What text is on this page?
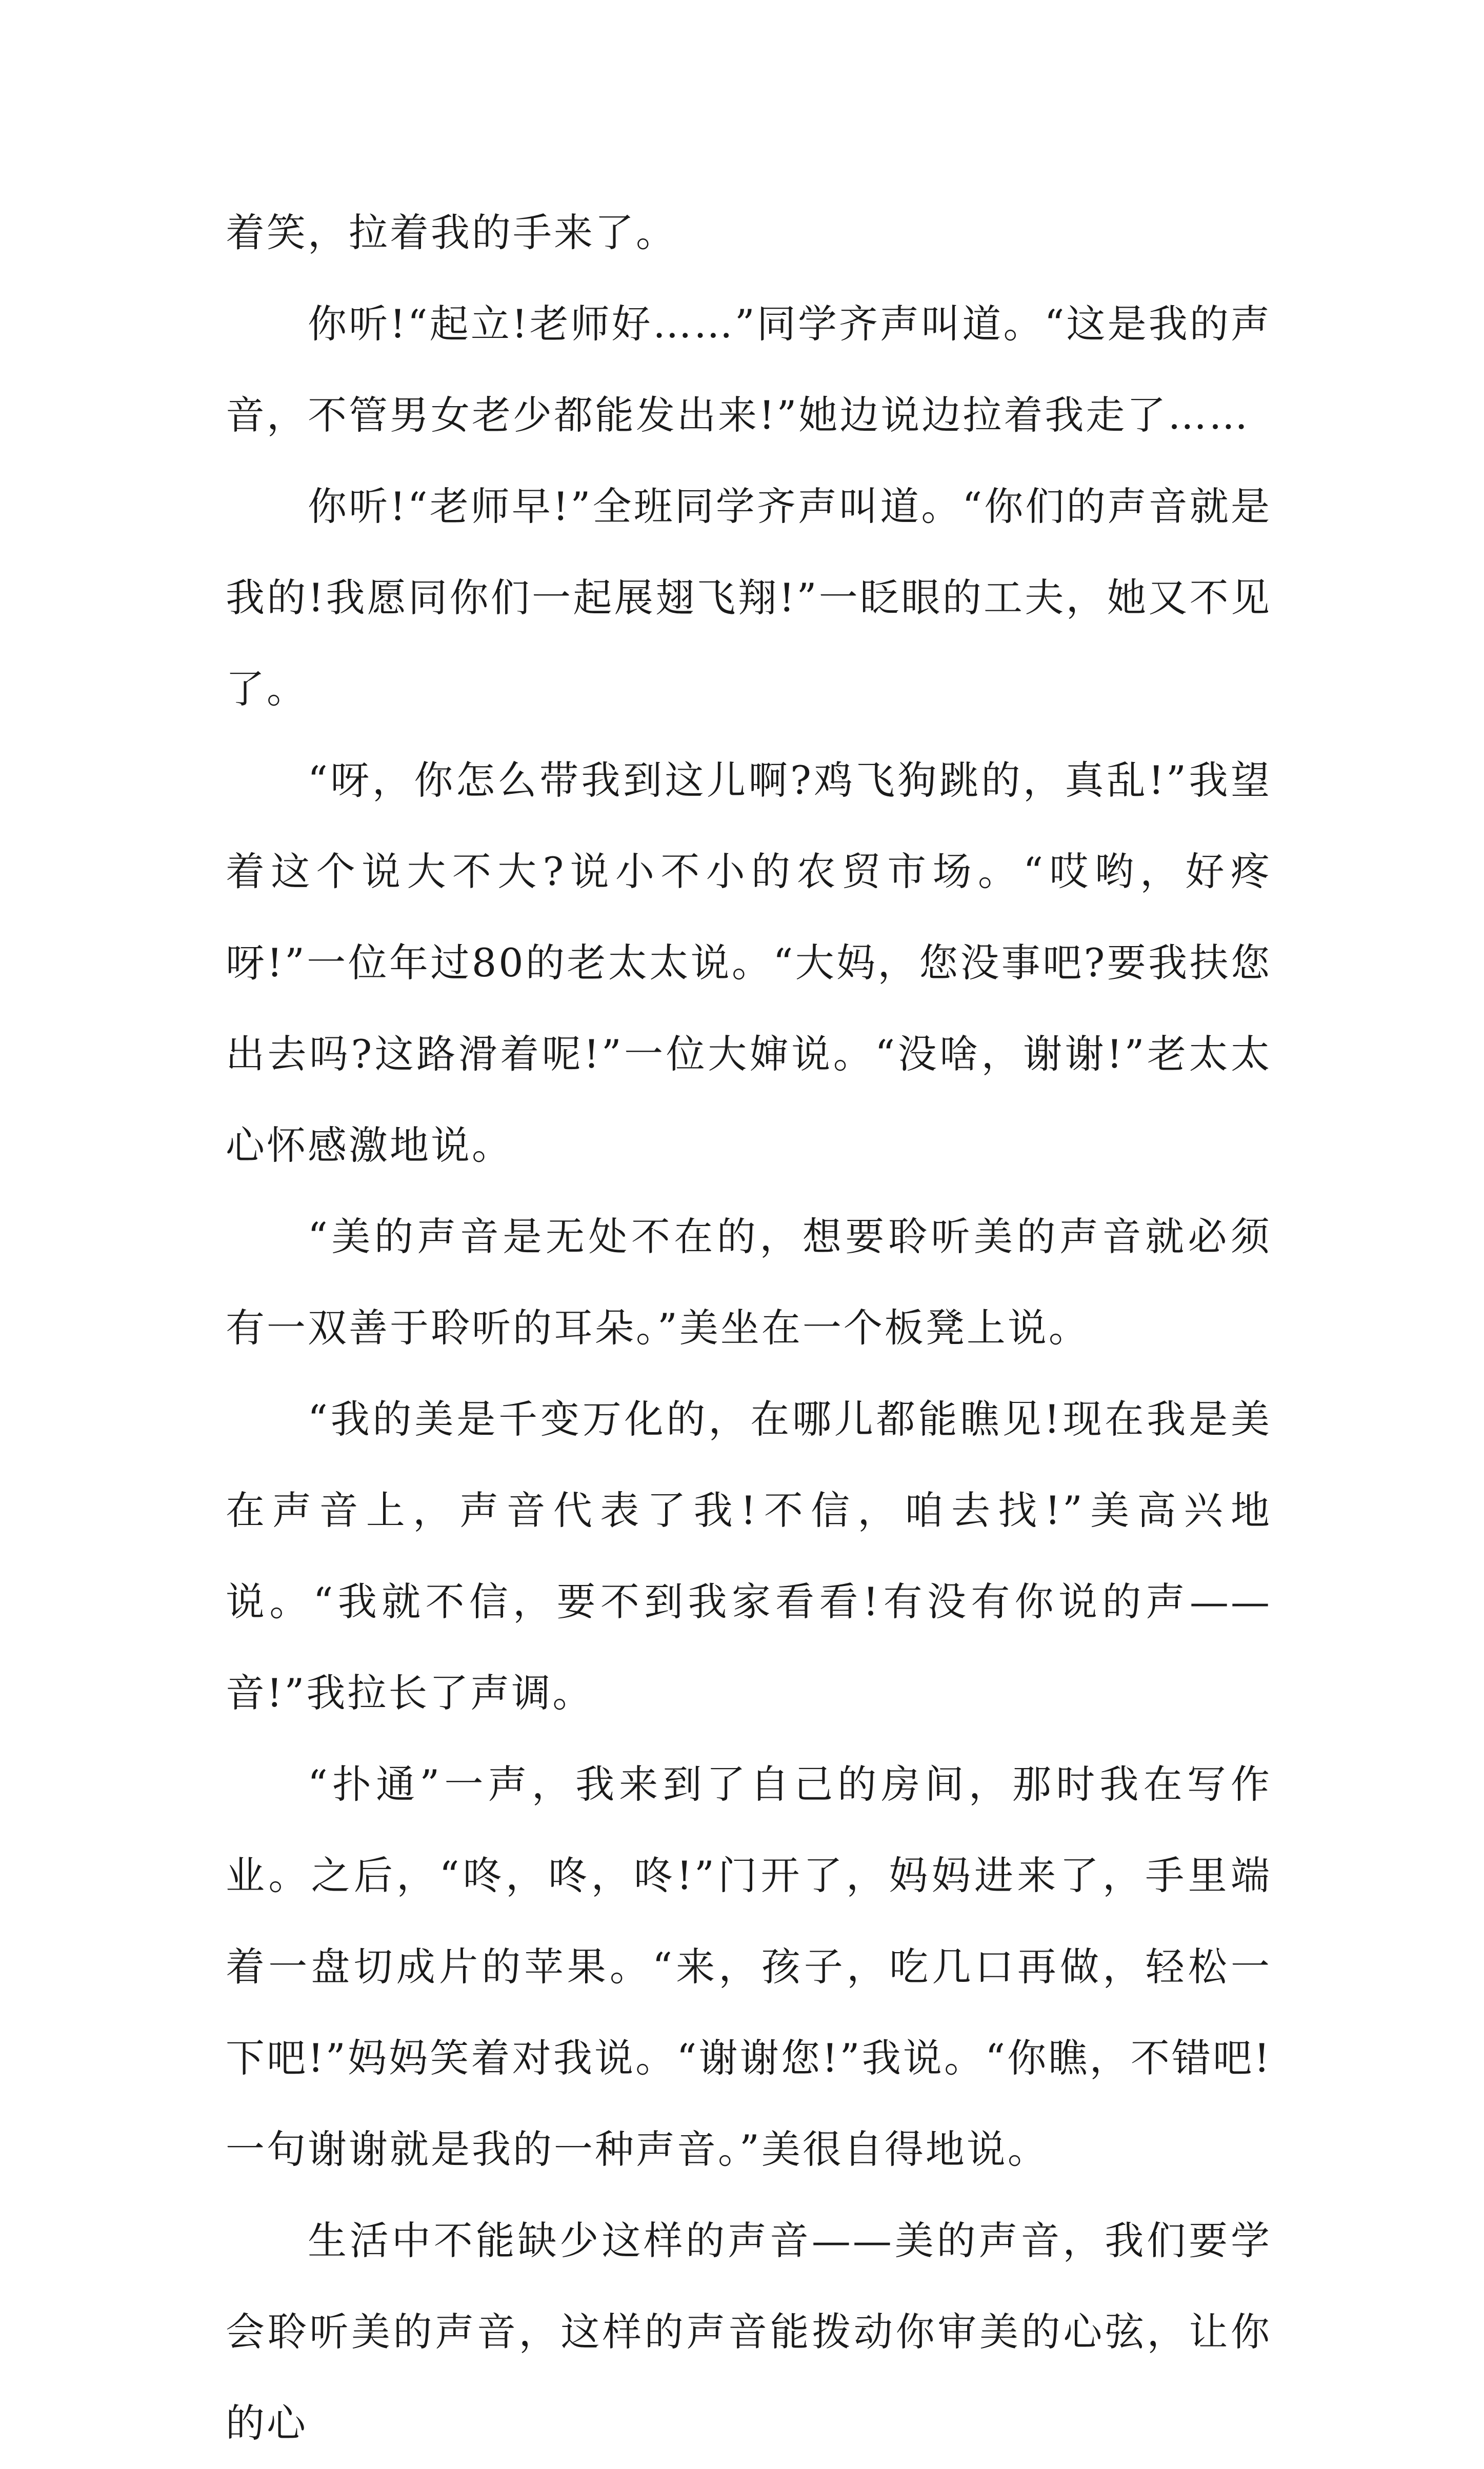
着笑，拉着我的手来了。

你听!“起立!老师好……”同学齐声叫道。“这是我的声音，不管男女老少都能发出来!”她边说边拉着我走了……

你听!“老师早!”全班同学齐声叫道。“你们的声音就是我的!我愿同你们一起展翅飞翔!”一眨眼的工夫，她又不见了。

“呀，你怎么带我到这儿啊?鸡飞狗跳的，真乱!”我望着这个说大不大?说小不小的农贸市场。“哎哟，好疼呀!”一位年过80的老太太说。“大妈，您没事吧?要我扶您出去吗?这路滑着呢!”一位大婶说。“没啥，谢谢!”老太太心怀感激地说。

“美的声音是无处不在的，想要聆听美的声音就必须有一双善于聆听的耳朵。”美坐在一个板凳上说。

“我的美是千变万化的，在哪儿都能瞧见!现在我是美在声音上，声音代表了我!不信，咱去找!”美高兴地说。“我就不信，要不到我家看看!有没有你说的声——音!”我拉长了声调。

“扑通”一声，我来到了自己的房间，那时我在写作业。之后，“咚，咚，咚!”门开了，妈妈进来了，手里端着一盘切成片的苹果。“来，孩子，吃几口再做，轻松一下吧!”妈妈笑着对我说。“谢谢您!”我说。“你瞧，不错吧!一句谢谢就是我的一种声音。”美很自得地说。

生活中不能缺少这样的声音——美的声音，我们要学会聆听美的声音，这样的声音能拨动你审美的心弦，让你的心
